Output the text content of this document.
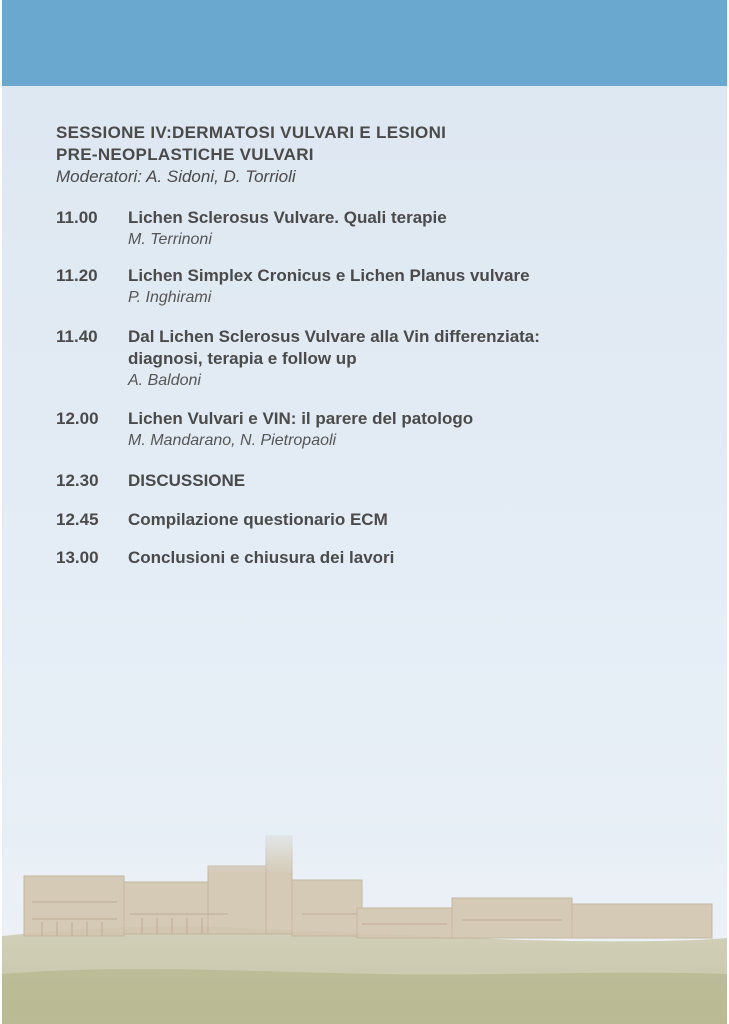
SESSIONE IV:DERMATOSI VULVARI E LESIONI

PRE-NEOPLASTICHE VULVARI

Moderatori: A. Sidoni, D. Torrioli

11.00	Lichen Sclerosus Vulvare. Quali terapie
M. Terrinoni
11.20	Lichen Simplex Cronicus e Lichen Planus vulvare
P. Inghirami
11.40	Dal Lichen Sclerosus Vulvare alla Vin differenziata:
diagnosi, terapia e follow up
A. Baldoni
12.00	Lichen Vulvari e VIN: il parere del patologo
M. Mandarano, N. Pietropaoli
12.30	DISCUSSIONE
12.45	Compilazione questionario ECM
13.00	Conclusioni e chiusura dei lavori
